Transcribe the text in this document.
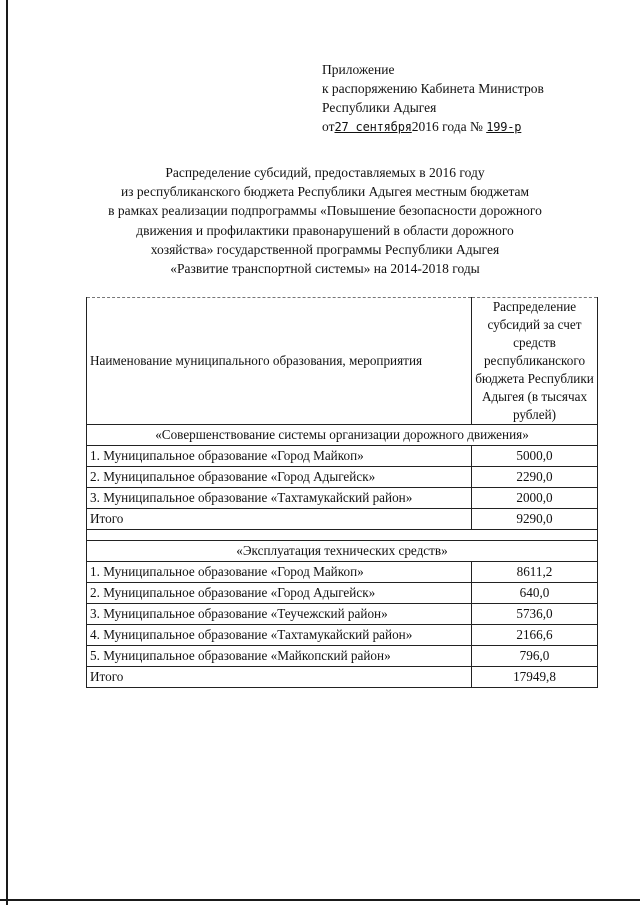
Приложение
к распоряжению Кабинета Министров
Республики Адыгея
от27 сентября2016 года № 199-р
Распределение субсидий, предоставляемых в 2016 году
из республиканского бюджета Республики Адыгея местным бюджетам
в рамках реализации подпрограммы «Повышение безопасности дорожного
движения и профилактики правонарушений в области дорожного
хозяйства» государственной программы Республики Адыгея
«Развитие транспортной системы» на 2014-2018 годы
Наименование муниципального образования, мероприятия	Распределение субсидий за счет средств республиканского бюджета Республики Адыгея (в тысячах рублей)
«Совершенствование системы организации дорожного движения»	
1. Муниципальное образование «Город Майкоп»	5000,0
2. Муниципальное образование «Город Адыгейск»	2290,0
3. Муниципальное образование «Тахтамукайский район»	2000,0
Итого	9290,0

«Эксплуатация технических средств»	
1. Муниципальное образование «Город Майкоп»	8611,2
2. Муниципальное образование «Город Адыгейск»	640,0
3. Муниципальное образование «Теучежский район»	5736,0
4. Муниципальное образование «Тахтамукайский район»	2166,6
5. Муниципальное образование «Майкопский район»	796,0
Итого	17949,8
